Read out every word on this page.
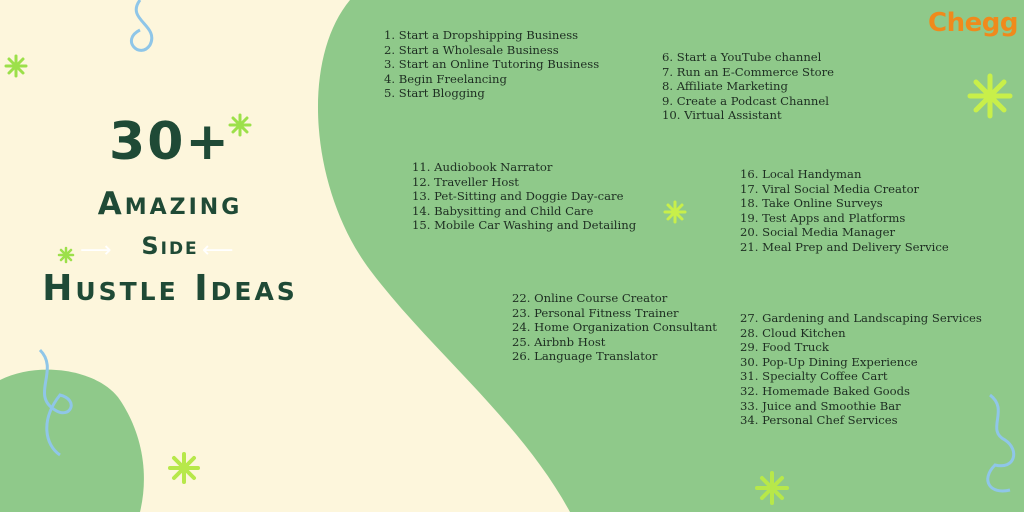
Chegg
30+
Amazing
⟶	Side ⟵
Hustle Ideas
1. Start a Dropshipping Business
2. Start a Wholesale Business
3. Start an Online Tutoring Business
4. Begin Freelancing
5. Start Blogging
6. Start a YouTube channel
7. Run an E-Commerce Store
8. Affiliate Marketing
9. Create a Podcast Channel
10. Virtual Assistant
11. Audiobook Narrator
12. Traveller Host
13. Pet-Sitting and Doggie Day-care
14. Babysitting and Child Care
15. Mobile Car Washing and Detailing
16. Local Handyman
17. Viral Social Media Creator
18. Take Online Surveys
19. Test Apps and Platforms
20. Social Media Manager
21. Meal Prep and Delivery Service
22. Online Course Creator
23. Personal Fitness Trainer
24. Home Organization Consultant
25. Airbnb Host
26. Language Translator
27. Gardening and Landscaping Services
28. Cloud Kitchen
29. Food Truck
30. Pop-Up Dining Experience
31. Specialty Coffee Cart
32. Homemade Baked Goods
33. Juice and Smoothie Bar
34. Personal Chef Services
